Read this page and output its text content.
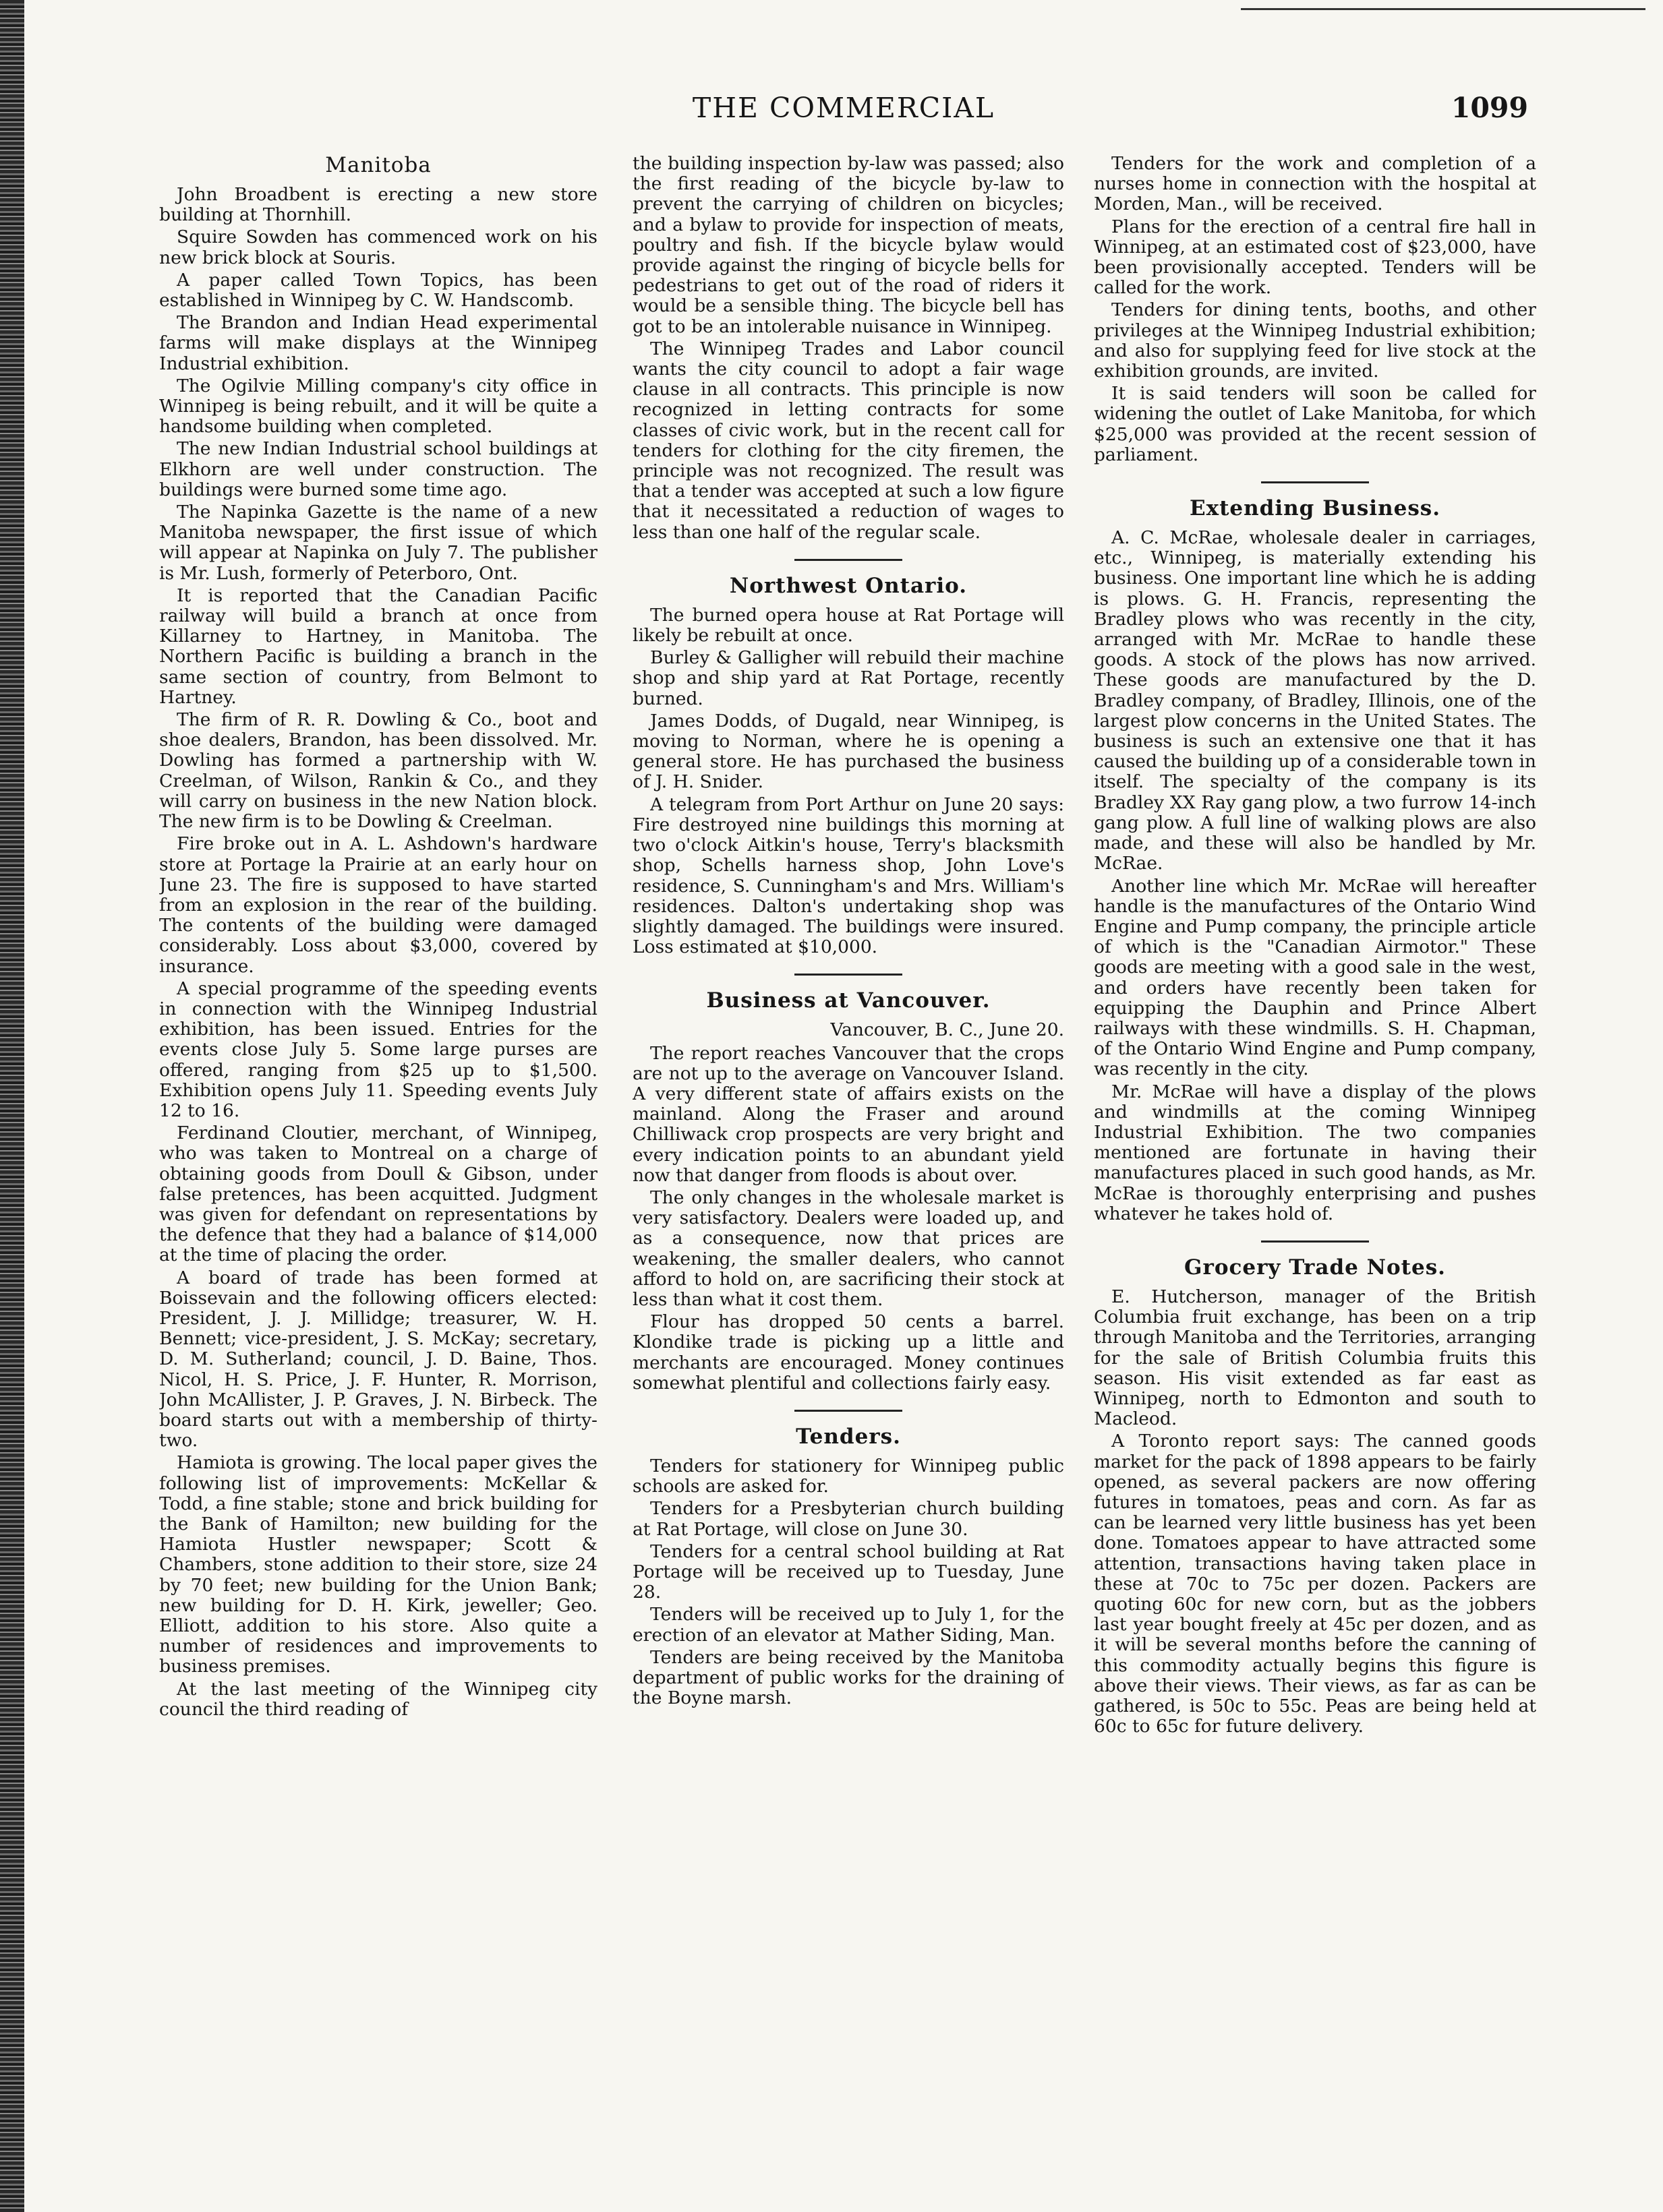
THE COMMERCIAL	1099
Manitoba

John Broadbent is erecting a new store building at Thornhill.

Squire Sowden has commenced work on his new brick block at Souris.

A paper called Town Topics, has been established in Winnipeg by C. W. Handscomb.

The Brandon and Indian Head experimental farms will make displays at the Winnipeg Industrial exhibition.

The Ogilvie Milling company's city office in Winnipeg is being rebuilt, and it will be quite a handsome building when completed.

The new Indian Industrial school buildings at Elkhorn are well under construction. The buildings were burned some time ago.

The Napinka Gazette is the name of a new Manitoba newspaper, the first issue of which will appear at Napinka on July 7. The publisher is Mr. Lush, formerly of Peterboro, Ont.

It is reported that the Canadian Pacific railway will build a branch at once from Killarney to Hartney, in Manitoba. The Northern Pacific is building a branch in the same section of country, from Belmont to Hartney.

The firm of R. R. Dowling & Co., boot and shoe dealers, Brandon, has been dissolved. Mr. Dowling has formed a partnership with W. Creelman, of Wilson, Rankin & Co., and they will carry on business in the new Nation block. The new firm is to be Dowling & Creelman.

Fire broke out in A. L. Ashdown's hardware store at Portage la Prairie at an early hour on June 23. The fire is supposed to have started from an explosion in the rear of the building. The contents of the building were damaged considerably. Loss about $3,000, covered by insurance.

A special programme of the speeding events in connection with the Winnipeg Industrial exhibition, has been issued. Entries for the events close July 5. Some large purses are offered, ranging from $25 up to $1,500. Exhibition opens July 11. Speeding events July 12 to 16.

Ferdinand Cloutier, merchant, of Winnipeg, who was taken to Montreal on a charge of obtaining goods from Doull & Gibson, under false pretences, has been acquitted. Judgment was given for defendant on representations by the defence that they had a balance of $14,000 at the time of placing the order.

A board of trade has been formed at Boissevain and the following officers elected: President, J. J. Millidge; treasurer, W. H. Bennett; vice-president, J. S. McKay; secretary, D. M. Sutherland; council, J. D. Baine, Thos. Nicol, H. S. Price, J. F. Hunter, R. Morrison, John McAllister, J. P. Graves, J. N. Birbeck. The board starts out with a membership of thirty-two.

Hamiota is growing. The local paper gives the following list of improvements: McKellar & Todd, a fine stable; stone and brick building for the Bank of Hamilton; new building for the Hamiota Hustler newspaper; Scott & Chambers, stone addition to their store, size 24 by 70 feet; new building for the Union Bank; new building for D. H. Kirk, jeweller; Geo. Elliott, addition to his store. Also quite a number of residences and improvements to business premises.

At the last meeting of the Winnipeg city council the third reading of

the building inspection by-law was passed; also the first reading of the bicycle by-law to prevent the carrying of children on bicycles; and a bylaw to provide for inspection of meats, poultry and fish. If the bicycle bylaw would provide against the ringing of bicycle bells for pedestrians to get out of the road of riders it would be a sensible thing. The bicycle bell has got to be an intolerable nuisance in Winnipeg.

The Winnipeg Trades and Labor council wants the city council to adopt a fair wage clause in all contracts. This principle is now recognized in letting contracts for some classes of civic work, but in the recent call for tenders for clothing for the city firemen, the principle was not recognized. The result was that a tender was accepted at such a low figure that it necessitated a reduction of wages to less than one half of the regular scale.

Northwest Ontario.

The burned opera house at Rat Portage will likely be rebuilt at once.

Burley & Galligher will rebuild their machine shop and ship yard at Rat Portage, recently burned.

James Dodds, of Dugald, near Winnipeg, is moving to Norman, where he is opening a general store. He has purchased the business of J. H. Snider.

A telegram from Port Arthur on June 20 says: Fire destroyed nine buildings this morning at two o'clock Aitkin's house, Terry's blacksmith shop, Schells harness shop, John Love's residence, S. Cunningham's and Mrs. William's residences. Dalton's undertaking shop was slightly damaged. The buildings were insured. Loss estimated at $10,000.

Business at Vancouver.
Vancouver, B. C., June 20.

The report reaches Vancouver that the crops are not up to the average on Vancouver Island. A very different state of affairs exists on the mainland. Along the Fraser and around Chilliwack crop prospects are very bright and every indication points to an abundant yield now that danger from floods is about over.

The only changes in the wholesale market is very satisfactory. Dealers were loaded up, and as a consequence, now that prices are weakening, the smaller dealers, who cannot afford to hold on, are sacrificing their stock at less than what it cost them.

Flour has dropped 50 cents a barrel. Klondike trade is picking up a little and merchants are encouraged. Money continues somewhat plentiful and collections fairly easy.

Tenders.

Tenders for stationery for Winnipeg public schools are asked for.

Tenders for a Presbyterian church building at Rat Portage, will close on June 30.

Tenders for a central school building at Rat Portage will be received up to Tuesday, June 28.

Tenders will be received up to July 1, for the erection of an elevator at Mather Siding, Man.

Tenders are being received by the Manitoba department of public works for the draining of the Boyne marsh.

Tenders for the work and completion of a nurses home in connection with the hospital at Morden, Man., will be received.

Plans for the erection of a central fire hall in Winnipeg, at an estimated cost of $23,000, have been provisionally accepted. Tenders will be called for the work.

Tenders for dining tents, booths, and other privileges at the Winnipeg Industrial exhibition; and also for supplying feed for live stock at the exhibition grounds, are invited.

It is said tenders will soon be called for widening the outlet of Lake Manitoba, for which $25,000 was provided at the recent session of parliament.

Extending Business.

A. C. McRae, wholesale dealer in carriages, etc., Winnipeg, is materially extending his business. One important line which he is adding is plows. G. H. Francis, representing the Bradley plows who was recently in the city, arranged with Mr. McRae to handle these goods. A stock of the plows has now arrived. These goods are manufactured by the D. Bradley company, of Bradley, Illinois, one of the largest plow concerns in the United States. The business is such an extensive one that it has caused the building up of a considerable town in itself. The specialty of the company is its Bradley XX Ray gang plow, a two furrow 14-inch gang plow. A full line of walking plows are also made, and these will also be handled by Mr. McRae.

Another line which Mr. McRae will hereafter handle is the manufactures of the Ontario Wind Engine and Pump company, the principle article of which is the "Canadian Airmotor." These goods are meeting with a good sale in the west, and orders have recently been taken for equipping the Dauphin and Prince Albert railways with these windmills. S. H. Chapman, of the Ontario Wind Engine and Pump company, was recently in the city.

Mr. McRae will have a display of the plows and windmills at the coming Winnipeg Industrial Exhibition. The two companies mentioned are fortunate in having their manufactures placed in such good hands, as Mr. McRae is thoroughly enterprising and pushes whatever he takes hold of.

Grocery Trade Notes.

E. Hutcherson, manager of the British Columbia fruit exchange, has been on a trip through Manitoba and the Territories, arranging for the sale of British Columbia fruits this season. His visit extended as far east as Winnipeg, north to Edmonton and south to Macleod.

A Toronto report says: The canned goods market for the pack of 1898 appears to be fairly opened, as several packers are now offering futures in tomatoes, peas and corn. As far as can be learned very little business has yet been done. Tomatoes appear to have attracted some attention, transactions having taken place in these at 70c to 75c per dozen. Packers are quoting 60c for new corn, but as the jobbers last year bought freely at 45c per dozen, and as it will be several months before the canning of this commodity actually begins this figure is above their views. Their views, as far as can be gathered, is 50c to 55c. Peas are being held at 60c to 65c for future delivery.
